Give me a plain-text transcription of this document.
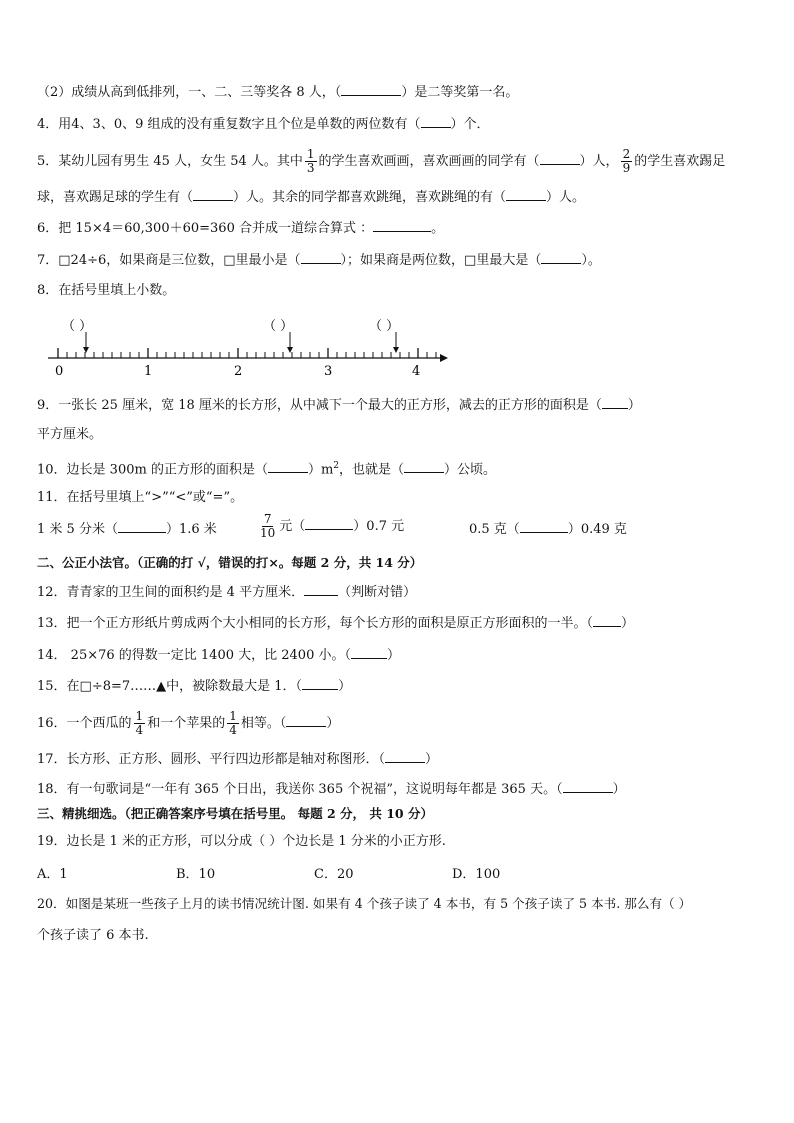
（2）成绩从高到低排列，一、二、三等奖各 8 人，（	）是二等奖第一名。
4．用4、3、0、9 组成的没有重复数字且个位是单数的两位数有（ ）个．
5．某幼儿园有男生 45 人，女生 54 人。其中 $\frac{1}{3}$ 的学生喜欢画画，喜欢画画的同学有（	）人， $\frac{2}{9}$ 的学生喜欢踢足
球，喜欢踢足球的学生有（	）人。其余的同学都喜欢跳绳，喜欢跳绳的有（	）人。
6．把 15×4＝60,300＋60=360 合并成一道综合算式 ：	。
7．□24÷6，如果商是三位数，□里最小是（	）；如果商是两位数，□里最大是（	）。
8．在括号里填上小数。
（ ）	（ ）	（ ）
0	1	2	3	4
9．一张长 25 厘米，宽 18 厘米的长方形，从中减下一个最大的正方形，减去的正方形的面积是（ ）
平方厘米。
10．边长是 300m 的正方形的面积是（	）$m^2$，也就是（	）公顷。
11．在括号里填上“>”“<”或“=”。
1 米 5 分米（	）1.6 米	$\frac{7}{10}$ 元（	）0.7 元	0.5 克（	）0.49 克
二、公正小法官。（正确的打 √，错误的打×。每题 2 分，共 14 分）
12．青青家的卫生间的面积约是 4 平方厘米．	（判断对错）
13．把一个正方形纸片剪成两个大小相同的长方形，每个长方形的面积是原正方形面积的一半。（ ）
14． 25×76 的得数一定比 1400 大，比 2400 小。（	）
15．在□÷8=7……▲中，被除数最大是 1．（	）
16．一个西瓜的 $\frac{1}{4}$ 和一个苹果的 $\frac{1}{4}$ 相等。（	）
17．长方形、正方形、圆形、平行四边形都是轴对称图形．（	）
18．有一句歌词是“一年有 365 个日出，我送你 365 个祝福”，这说明每年都是 365 天。（	）
三、精挑细选。（把正确答案序号填在括号里。 每题 2 分， 共 10 分）
19．边长是 1 米的正方形，可以分成（ ）个边长是 1 分米的小正方形.
A．1	B．10	C．20	D．100
20．如图是某班一些孩子上月的读书情况统计图. 如果有 4 个孩子读了 4 本书，有 5 个孩子读了 5 本书. 那么有（ ）
个孩子读了 6 本书.
